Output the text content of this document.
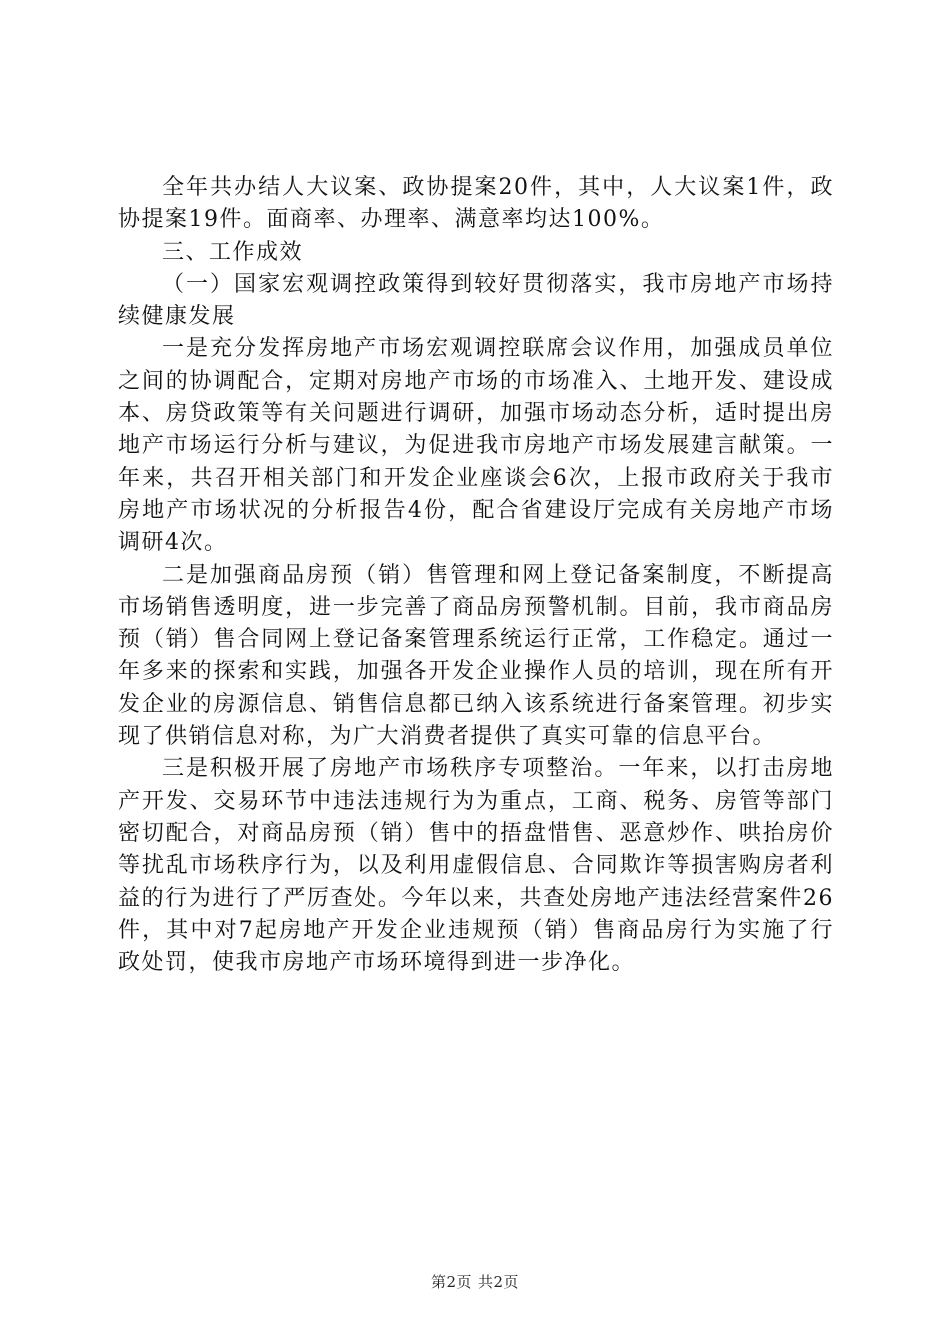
全年共办结人大议案、政协提案20件，其中，人大议案1件，政协提案19件。面商率、办理率、满意率均达100%。

三、工作成效

（一）国家宏观调控政策得到较好贯彻落实，我市房地产市场持续健康发展

一是充分发挥房地产市场宏观调控联席会议作用，加强成员单位之间的协调配合，定期对房地产市场的市场准入、土地开发、建设成本、房贷政策等有关问题进行调研，加强市场动态分析，适时提出房地产市场运行分析与建议，为促进我市房地产市场发展建言献策。一年来，共召开相关部门和开发企业座谈会6次，上报市政府关于我市房地产市场状况的分析报告4份，配合省建设厅完成有关房地产市场调研4次。

二是加强商品房预（销）售管理和网上登记备案制度，不断提高市场销售透明度，进一步完善了商品房预警机制。目前，我市商品房预（销）售合同网上登记备案管理系统运行正常，工作稳定。通过一年多来的探索和实践，加强各开发企业操作人员的培训，现在所有开发企业的房源信息、销售信息都已纳入该系统进行备案管理。初步实现了供销信息对称，为广大消费者提供了真实可靠的信息平台。

三是积极开展了房地产市场秩序专项整治。一年来，以打击房地产开发、交易环节中违法违规行为为重点，工商、税务、房管等部门密切配合，对商品房预（销）售中的捂盘惜售、恶意炒作、哄抬房价等扰乱市场秩序行为，以及利用虚假信息、合同欺诈等损害购房者利益的行为进行了严厉查处。今年以来，共查处房地产违法经营案件26件，其中对7起房地产开发企业违规预（销）售商品房行为实施了行政处罚，使我市房地产市场环境得到进一步净化。

第2页 共2页
